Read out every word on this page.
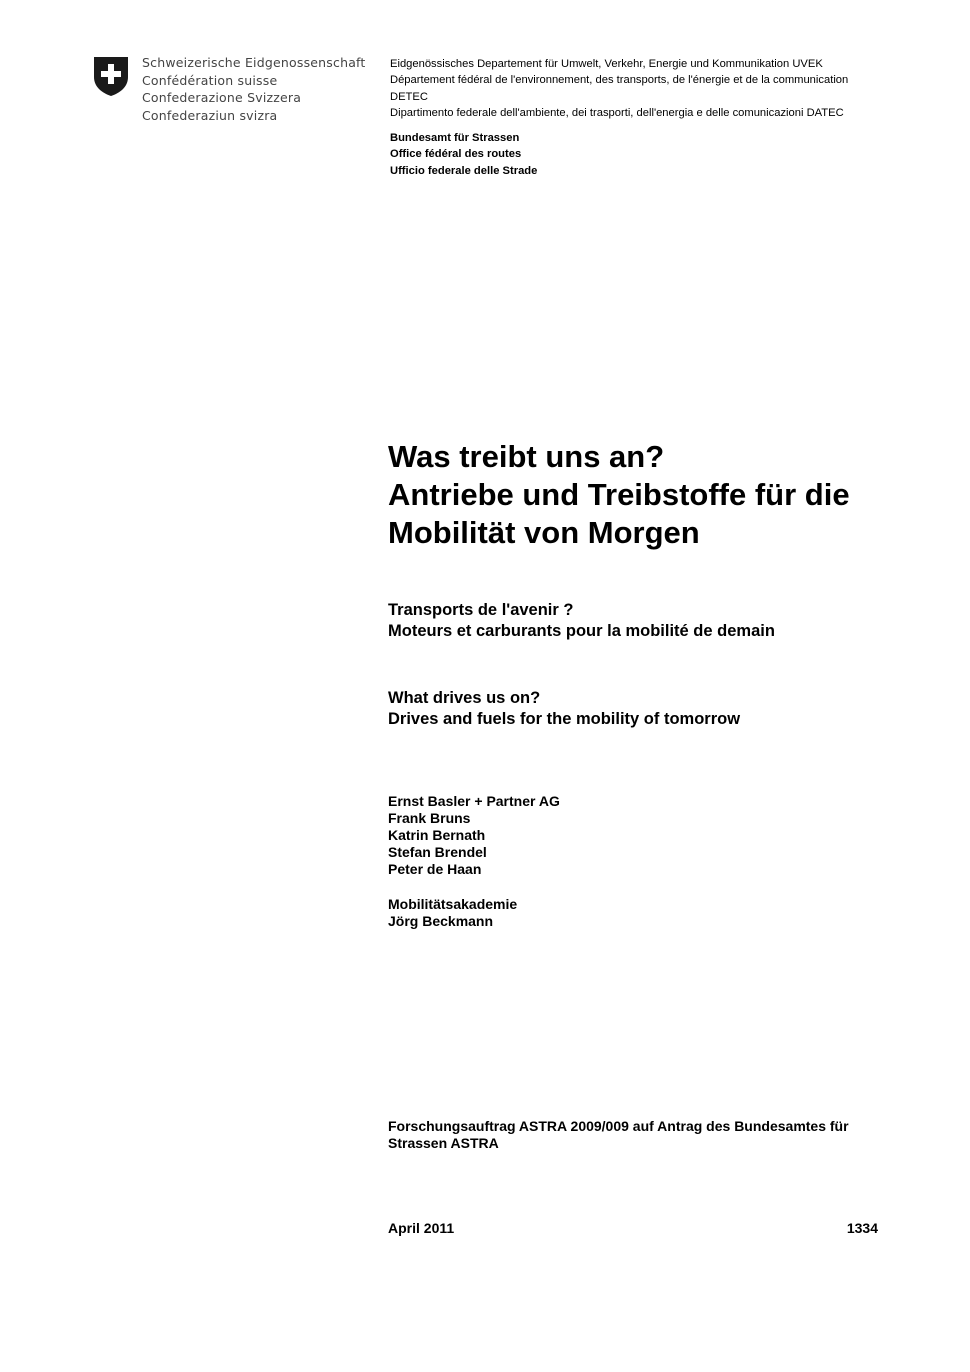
Schweizerische Eidgenossenschaft
Confédération suisse
Confederazione Svizzera
Confederaziun svizra
Eidgenössisches Departement für Umwelt, Verkehr, Energie und Kommunikation UVEK
Département fédéral de l'environnement, des transports, de l'énergie et de la communication
DETEC
Dipartimento federale dell'ambiente, dei trasporti, dell'energia e delle comunicazioni DATEC
Bundesamt für Strassen
Office fédéral des routes
Ufficio federale delle Strade
Was treibt uns an?
Antriebe und Treibstoffe für die
Mobilität von Morgen
Transports de l'avenir ?
Moteurs et carburants pour la mobilité de demain
What drives us on?
Drives and fuels for the mobility of tomorrow
Ernst Basler + Partner AG
Frank Bruns
Katrin Bernath
Stefan Brendel
Peter de Haan
Mobilitätsakademie
Jörg Beckmann
Forschungsauftrag ASTRA 2009/009 auf Antrag des Bundesamtes für Strassen ASTRA
April 2011	1334
